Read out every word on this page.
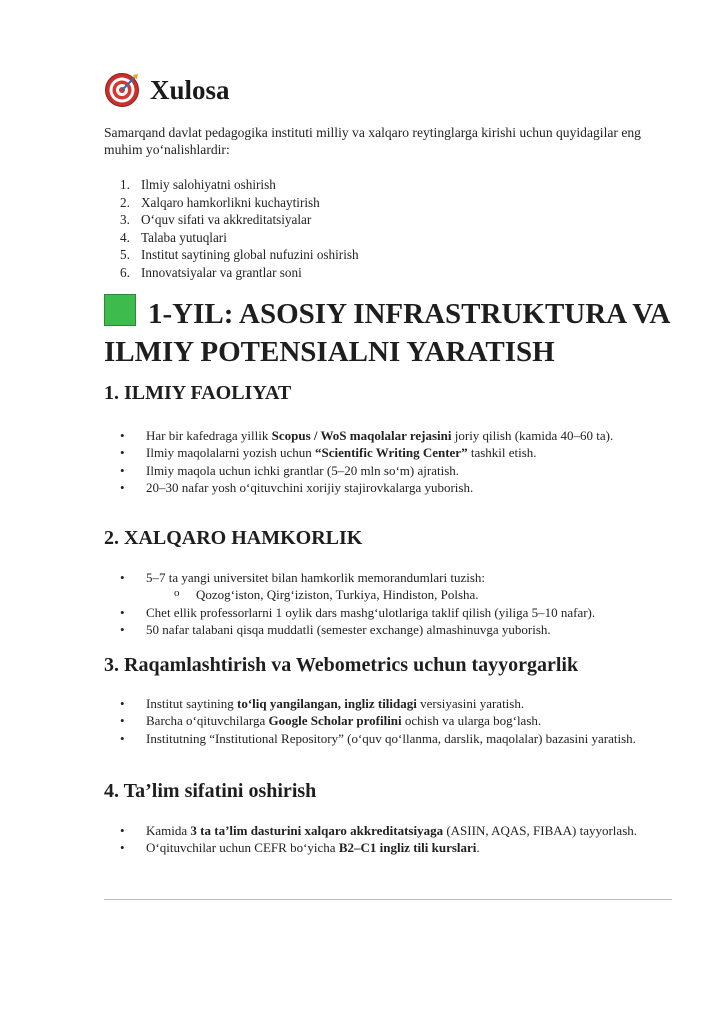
Xulosa
Samarqand davlat pedagogika instituti milliy va xalqaro reytinglarga kirishi uchun quyidagilar eng muhim yo‘nalishlardir:
1. Ilmiy salohiyatni oshirish
2. Xalqaro hamkorlikni kuchaytirish
3. O‘quv sifati va akkreditatsiyalar
4. Talaba yutuqlari
5. Institut saytining global nufuzini oshirish
6. Innovatsiyalar va grantlar soni
1-YIL: ASOSIY INFRASTRUKTURA VA ILMIY POTENSIALNI YARATISH
1. ILMIY FAOLIYAT
• Har bir kafedraga yillik Scopus / WoS maqolalar rejasini joriy qilish (kamida 40–60 ta).
• Ilmiy maqolalarni yozish uchun “Scientific Writing Center” tashkil etish.
• Ilmiy maqola uchun ichki grantlar (5–20 mln so‘m) ajratish.
• 20–30 nafar yosh o‘qituvchini xorijiy stajirovkalarga yuborish.
2. XALQARO HAMKORLIK
• 5–7 ta yangi universitet bilan hamkorlik memorandumlari tuzish:
o Qozog‘iston, Qirg‘iziston, Turkiya, Hindiston, Polsha.
• Chet ellik professorlarni 1 oylik dars mashg‘ulotlariga taklif qilish (yiliga 5–10 nafar).
• 50 nafar talabani qisqa muddatli (semester exchange) almashinuvga yuborish.
3. Raqamlashtirish va Webometrics uchun tayyorgarlik
• Institut saytining to‘liq yangilangan, ingliz tilidagi versiyasini yaratish.
• Barcha o‘qituvchilarga Google Scholar profilini ochish va ularga bog‘lash.
• Institutning “Institutional Repository” (o‘quv qo‘llanma, darslik, maqolalar) bazasini yaratish.
4. Ta’lim sifatini oshirish
• Kamida 3 ta ta’lim dasturini xalqaro akkreditatsiyaga (ASIIN, AQAS, FIBAA) tayyorlash.
• O‘qituvchilar uchun CEFR bo‘yicha B2–C1 ingliz tili kurslari.
